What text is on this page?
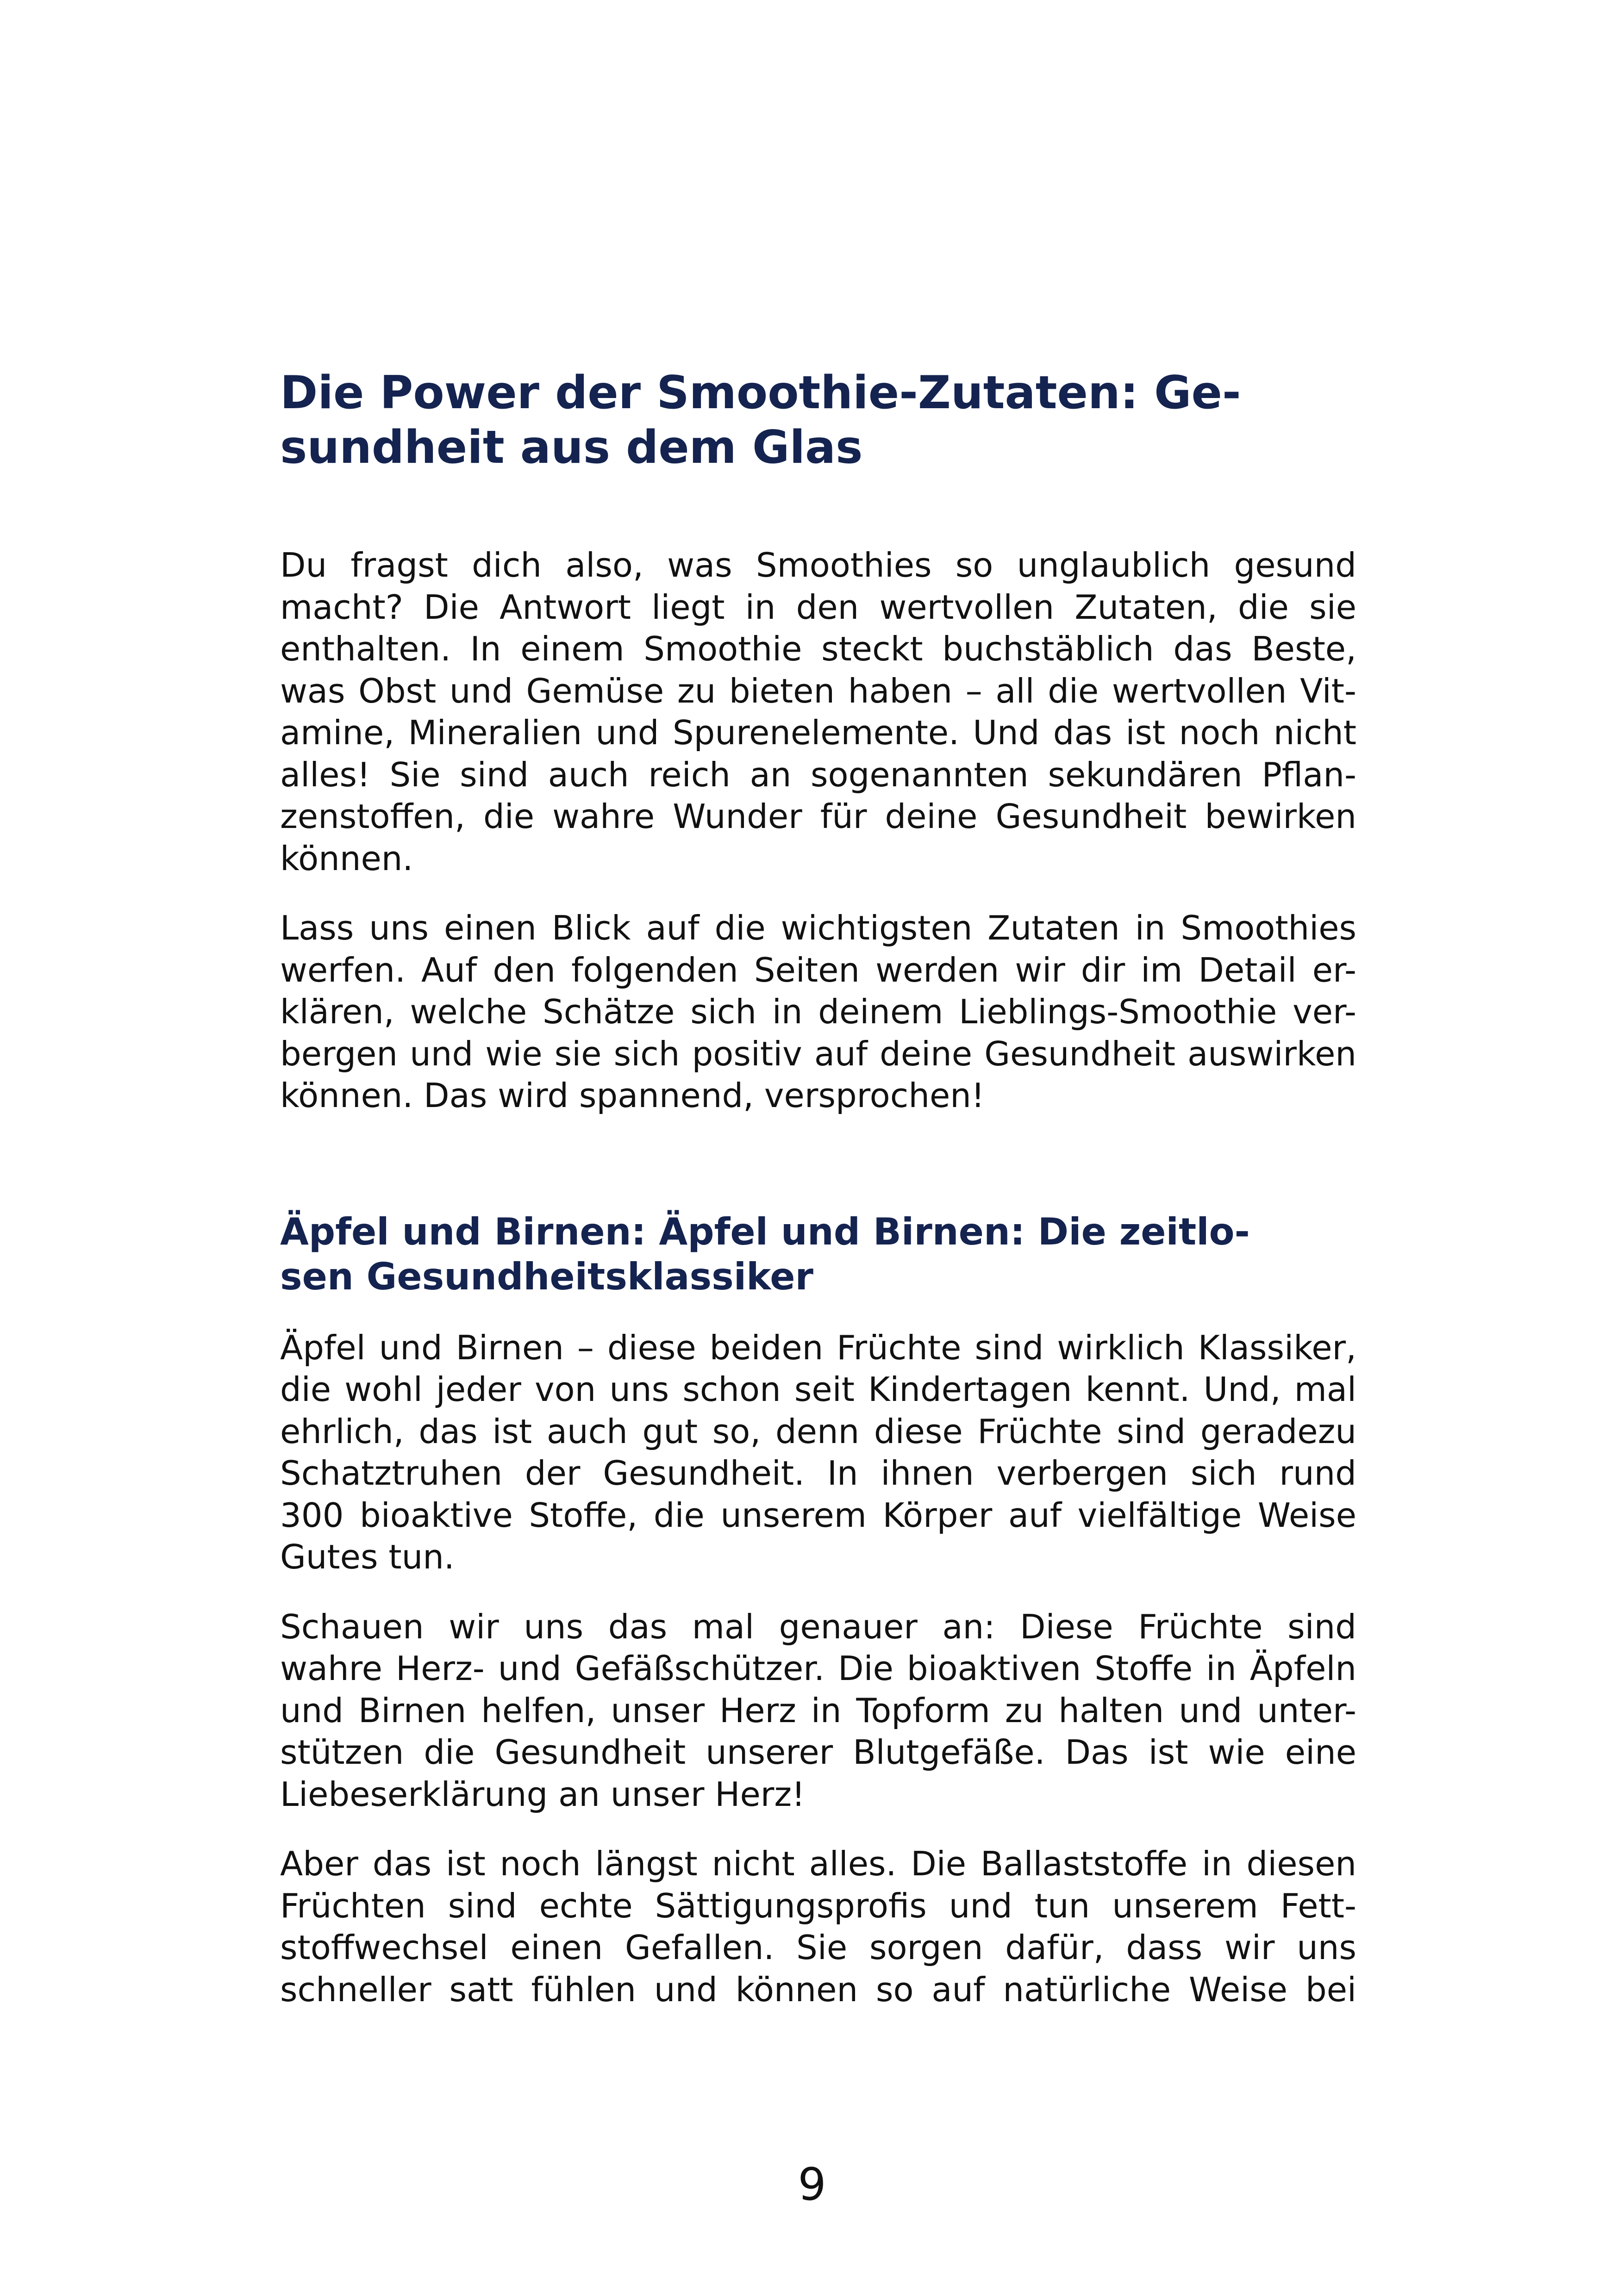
Die Power der Smoothie-Zutaten: Ge-
sundheit aus dem Glas

Du fragst dich also, was Smoothies so unglaublich gesund
macht? Die Antwort liegt in den wertvollen Zutaten, die sie
enthalten. In einem Smoothie steckt buchstäblich das Beste,
was Obst und Gemüse zu bieten haben – all die wertvollen Vit-
amine, Mineralien und Spurenelemente. Und das ist noch nicht
alles! Sie sind auch reich an sogenannten sekundären Pflan-
zenstoffen, die wahre Wunder für deine Gesundheit bewirken
können.

Lass uns einen Blick auf die wichtigsten Zutaten in Smoothies
werfen. Auf den folgenden Seiten werden wir dir im Detail er-
klären, welche Schätze sich in deinem Lieblings-Smoothie ver-
bergen und wie sie sich positiv auf deine Gesundheit auswirken
können. Das wird spannend, versprochen!

Äpfel und Birnen: Äpfel und Birnen: Die zeitlo-
sen Gesundheitsklassiker

Äpfel und Birnen – diese beiden Früchte sind wirklich Klassiker,
die wohl jeder von uns schon seit Kindertagen kennt. Und, mal
ehrlich, das ist auch gut so, denn diese Früchte sind geradezu
Schatztruhen der Gesundheit. In ihnen verbergen sich rund
300 bioaktive Stoffe, die unserem Körper auf vielfältige Weise
Gutes tun.

Schauen wir uns das mal genauer an: Diese Früchte sind
wahre Herz- und Gefäßschützer. Die bioaktiven Stoffe in Äpfeln
und Birnen helfen, unser Herz in Topform zu halten und unter-
stützen die Gesundheit unserer Blutgefäße. Das ist wie eine
Liebeserklärung an unser Herz!

Aber das ist noch längst nicht alles. Die Ballaststoffe in diesen
Früchten sind echte Sättigungsprofis und tun unserem Fett-
stoffwechsel einen Gefallen. Sie sorgen dafür, dass wir uns
schneller satt fühlen und können so auf natürliche Weise bei

9
